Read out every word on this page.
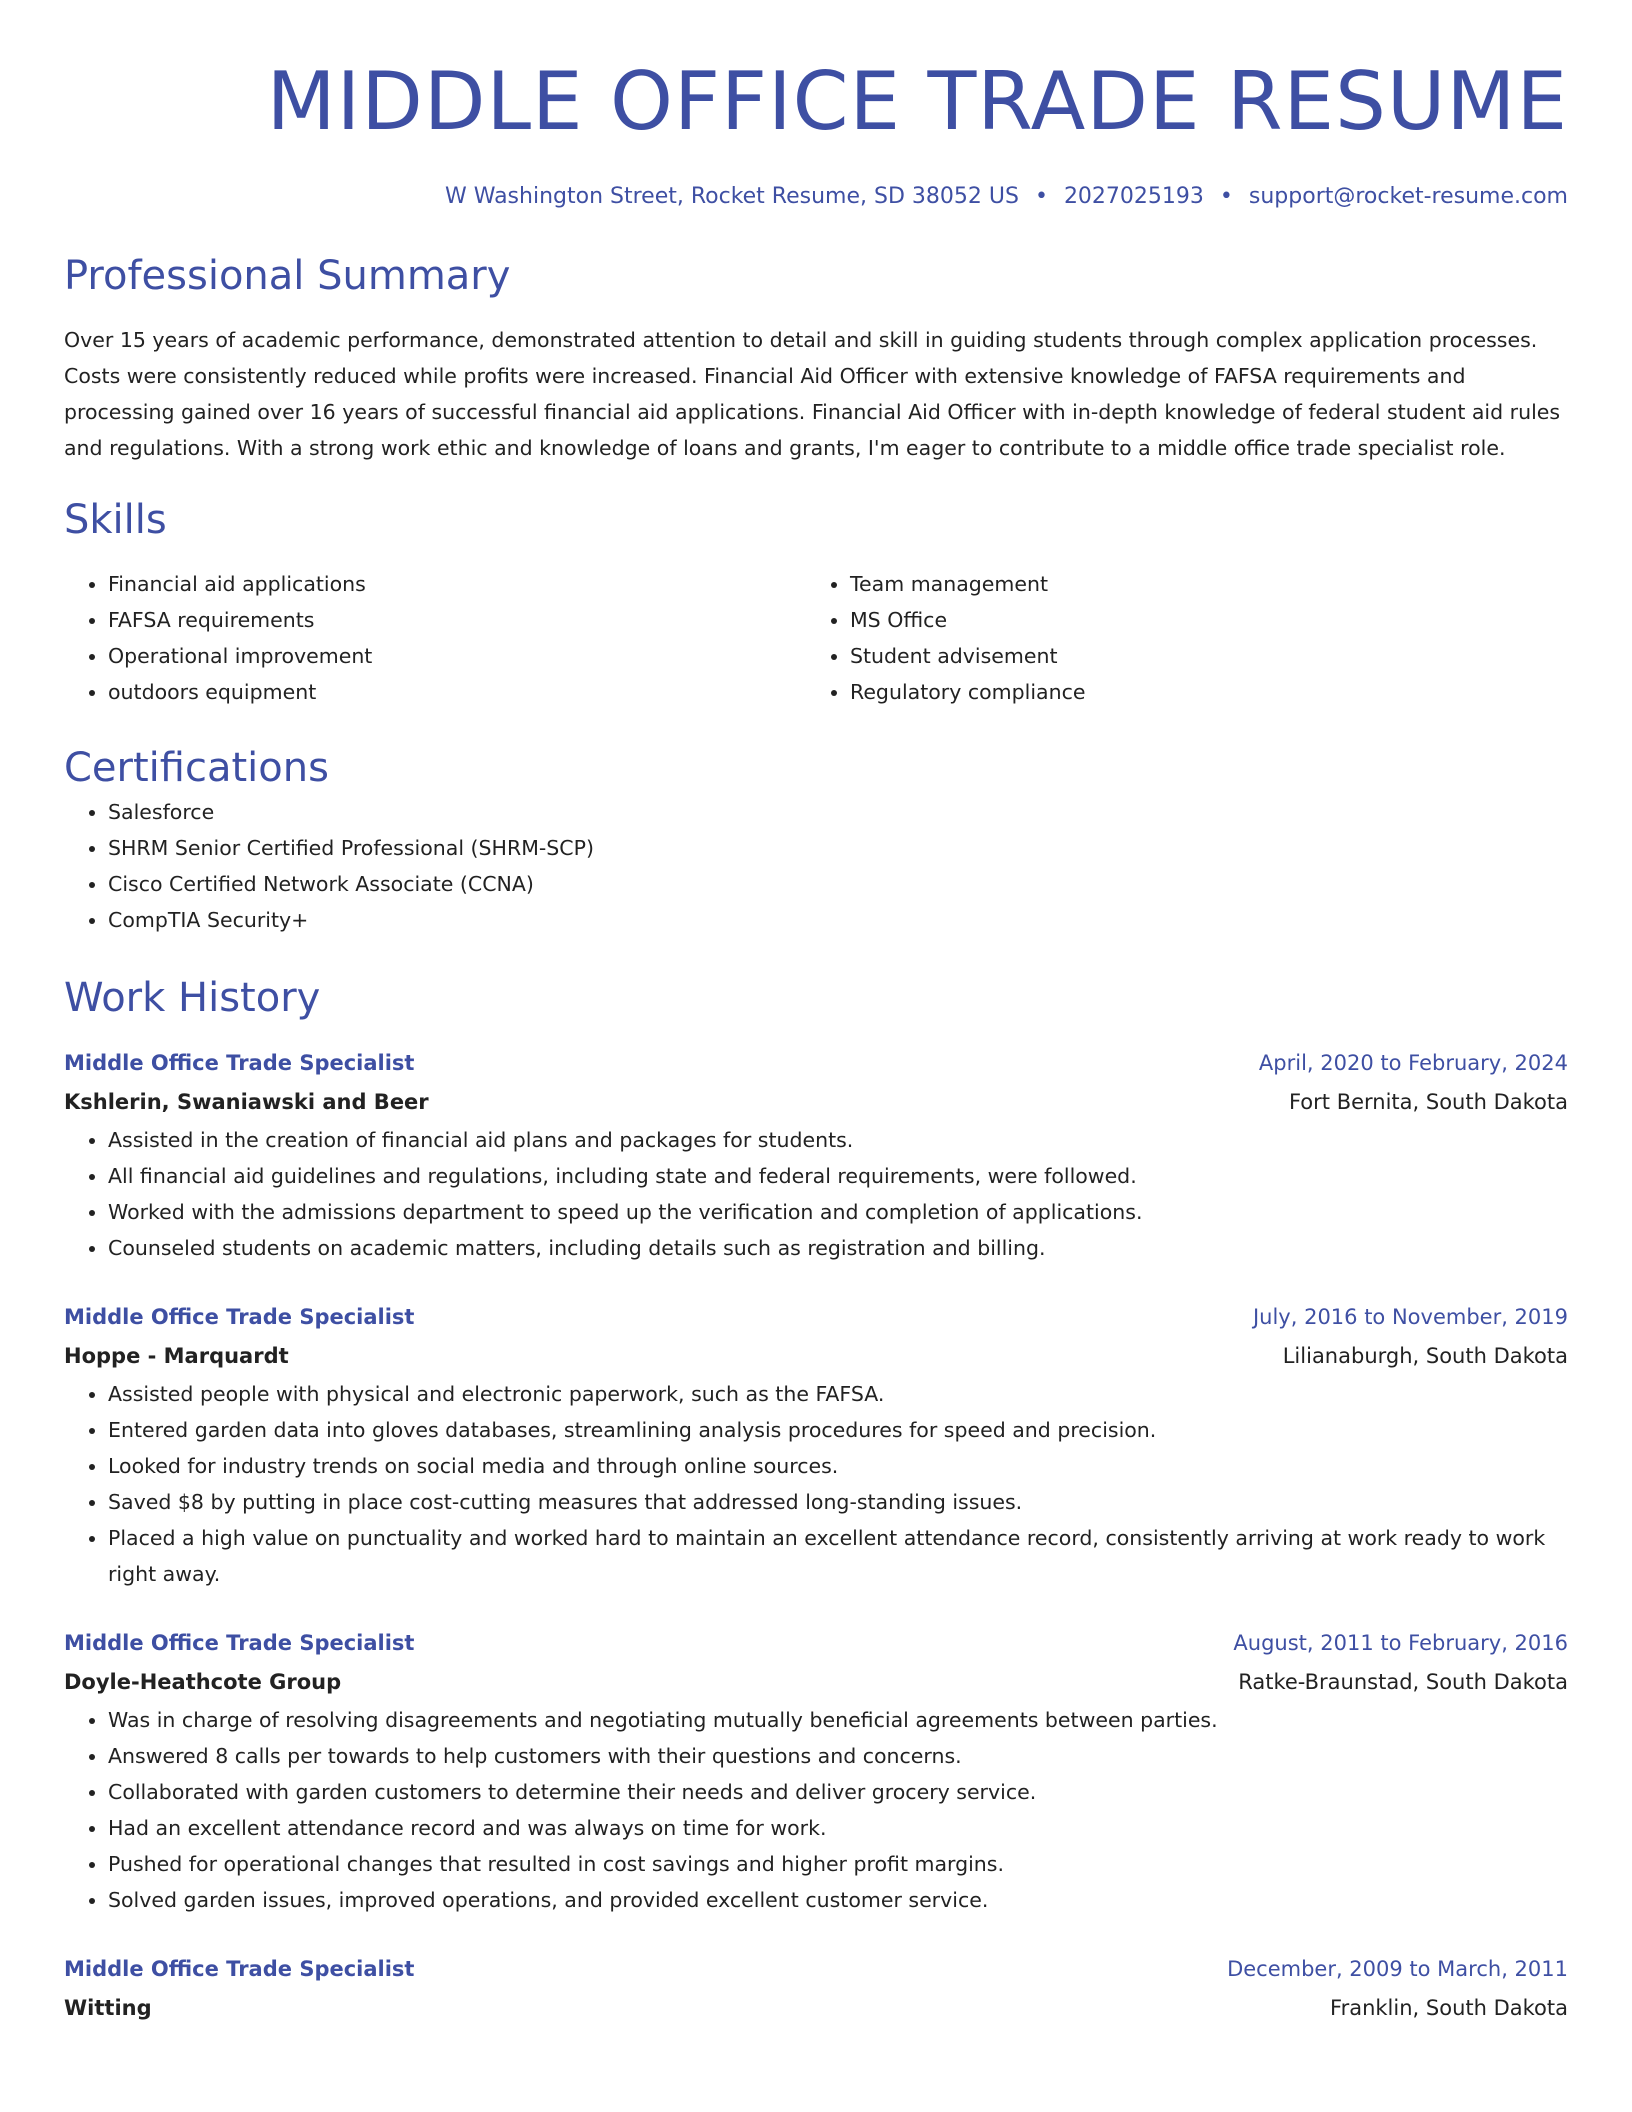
MIDDLE OFFICE TRADE RESUME
W Washington Street, Rocket Resume, SD 38052 US • 2027025193 • support@rocket-resume.com
Professional Summary
Over 15 years of academic performance, demonstrated attention to detail and skill in guiding students through complex application processes. Costs were consistently reduced while profits were increased. Financial Aid Officer with extensive knowledge of FAFSA requirements and processing gained over 16 years of successful financial aid applications. Financial Aid Officer with in-depth knowledge of federal student aid rules and regulations. With a strong work ethic and knowledge of loans and grants, I'm eager to contribute to a middle office trade specialist role.
Skills
• Financial aid applications
• FAFSA requirements
• Operational improvement
• outdoors equipment
• Team management
• MS Office
• Student advisement
• Regulatory compliance
Certifications
• Salesforce
• SHRM Senior Certified Professional (SHRM-SCP)
• Cisco Certified Network Associate (CCNA)
• CompTIA Security+
Work History
Middle Office Trade Specialist	April, 2020 to February, 2024
Kshlerin, Swaniawski and Beer	Fort Bernita, South Dakota
• Assisted in the creation of financial aid plans and packages for students.
• All financial aid guidelines and regulations, including state and federal requirements, were followed.
• Worked with the admissions department to speed up the verification and completion of applications.
• Counseled students on academic matters, including details such as registration and billing.
Middle Office Trade Specialist	July, 2016 to November, 2019
Hoppe - Marquardt	Lilianaburgh, South Dakota
• Assisted people with physical and electronic paperwork, such as the FAFSA.
• Entered garden data into gloves databases, streamlining analysis procedures for speed and precision.
• Looked for industry trends on social media and through online sources.
• Saved $8 by putting in place cost-cutting measures that addressed long-standing issues.
• Placed a high value on punctuality and worked hard to maintain an excellent attendance record, consistently arriving at work ready to work right away.
Middle Office Trade Specialist	August, 2011 to February, 2016
Doyle-Heathcote Group	Ratke-Braunstad, South Dakota
• Was in charge of resolving disagreements and negotiating mutually beneficial agreements between parties.
• Answered 8 calls per towards to help customers with their questions and concerns.
• Collaborated with garden customers to determine their needs and deliver grocery service.
• Had an excellent attendance record and was always on time for work.
• Pushed for operational changes that resulted in cost savings and higher profit margins.
• Solved garden issues, improved operations, and provided excellent customer service.
Middle Office Trade Specialist	December, 2009 to March, 2011
Witting	Franklin, South Dakota
